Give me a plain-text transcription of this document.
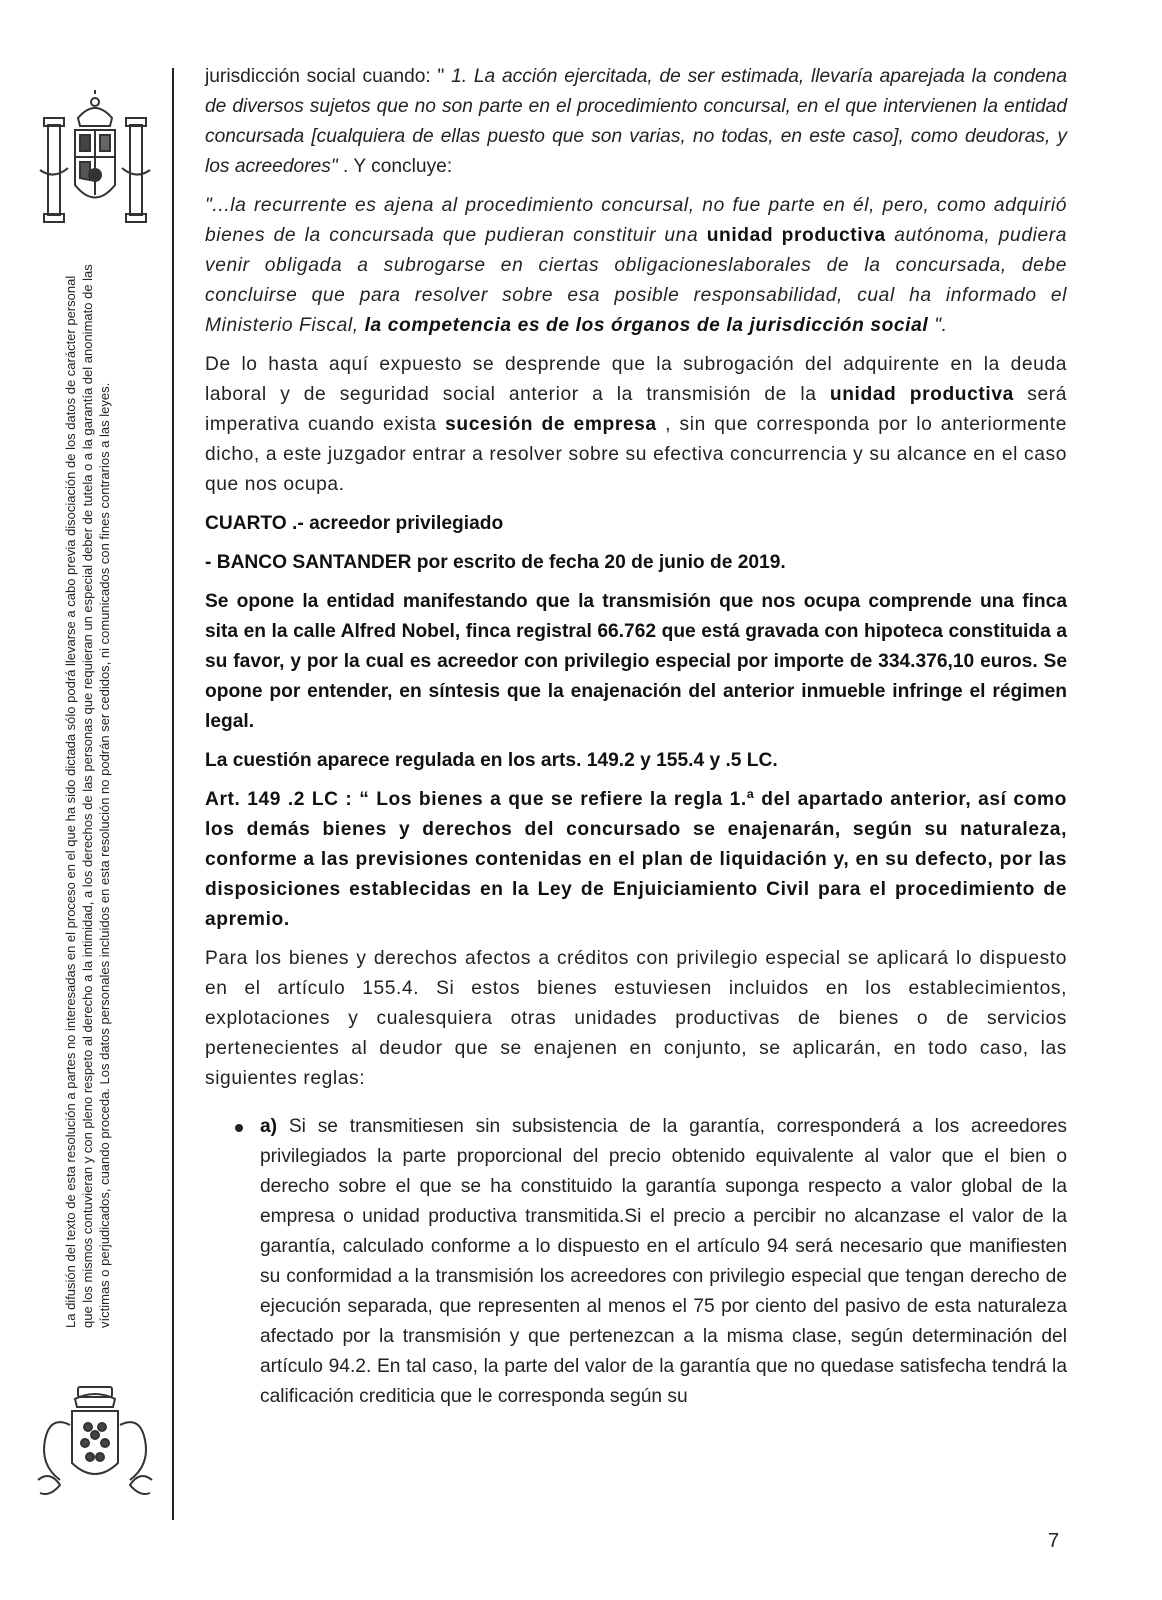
La difusión del texto de esta resolución a partes no interesadas en el proceso en el que ha sido dictada sólo podrá llevarse a cabo previa disociación de los datos de carácter personal que los mismos contuvieran y con pleno respeto al derecho a la intimidad, a los derechos de las personas que requieran un especial deber de tutela o a la garantía del anonimato de las víctimas o perjudicados, cuando proceda. Los datos personales incluidos en esta resolución no podrán ser cedidos, ni comunicados con fines contrarios a las leyes.

jurisdicción social cuando: " 1. La acción ejercitada, de ser estimada, llevaría aparejada la condena de diversos sujetos que no son parte en el procedimiento concursal, en el que intervienen la entidad concursada [cualquiera de ellas puesto que son varias, no todas, en este caso], como deudoras, y los acreedores" . Y concluye:

"...la recurrente es ajena al procedimiento concursal, no fue parte en él, pero, como adquirió bienes de la concursada que pudieran constituir una unidad productiva autónoma, pudiera venir obligada a subrogarse en ciertas obligacioneslaborales de la concursada, debe concluirse que para resolver sobre esa posible responsabilidad, cual ha informado el Ministerio Fiscal, la competencia es de los órganos de la jurisdicción social ".

De lo hasta aquí expuesto se desprende que la subrogación del adquirente en la deuda laboral y de seguridad social anterior a la transmisión de la unidad productiva será imperativa cuando exista sucesión de empresa , sin que corresponda por lo anteriormente dicho, a este juzgador entrar a resolver sobre su efectiva concurrencia y su alcance en el caso que nos ocupa.

CUARTO .- acreedor privilegiado

- BANCO SANTANDER por escrito de fecha 20 de junio de 2019.

Se opone la entidad manifestando que la transmisión que nos ocupa comprende una finca sita en la calle Alfred Nobel, finca registral 66.762 que está gravada con hipoteca constituida a su favor, y por la cual es acreedor con privilegio especial por importe de 334.376,10 euros. Se opone por entender, en síntesis que la enajenación del anterior inmueble infringe el régimen legal.

La cuestión aparece regulada en los arts. 149.2 y 155.4 y .5 LC.

Art. 149 .2 LC : “ Los bienes a que se refiere la regla 1.ª del apartado anterior, así como los demás bienes y derechos del concursado se enajenarán, según su naturaleza, conforme a las previsiones contenidas en el plan de liquidación y, en su defecto, por las disposiciones establecidas en la Ley de Enjuiciamiento Civil para el procedimiento de apremio.

Para los bienes y derechos afectos a créditos con privilegio especial se aplicará lo dispuesto en el artículo 155.4. Si estos bienes estuviesen incluidos en los establecimientos, explotaciones y cualesquiera otras unidades productivas de bienes o de servicios pertenecientes al deudor que se enajenen en conjunto, se aplicarán, en todo caso, las siguientes reglas:

a) Si se transmitiesen sin subsistencia de la garantía, corresponderá a los acreedores privilegiados la parte proporcional del precio obtenido equivalente al valor que el bien o derecho sobre el que se ha constituido la garantía suponga respecto a valor global de la empresa o unidad productiva transmitida.Si el precio a percibir no alcanzase el valor de la garantía, calculado conforme a lo dispuesto en el artículo 94 será necesario que manifiesten su conformidad a la transmisión los acreedores con privilegio especial que tengan derecho de ejecución separada, que representen al menos el 75 por ciento del pasivo de esta naturaleza afectado por la transmisión y que pertenezcan a la misma clase, según determinación del artículo 94.2. En tal caso, la parte del valor de la garantía que no quedase satisfecha tendrá la calificación crediticia que le corresponda según su
7
